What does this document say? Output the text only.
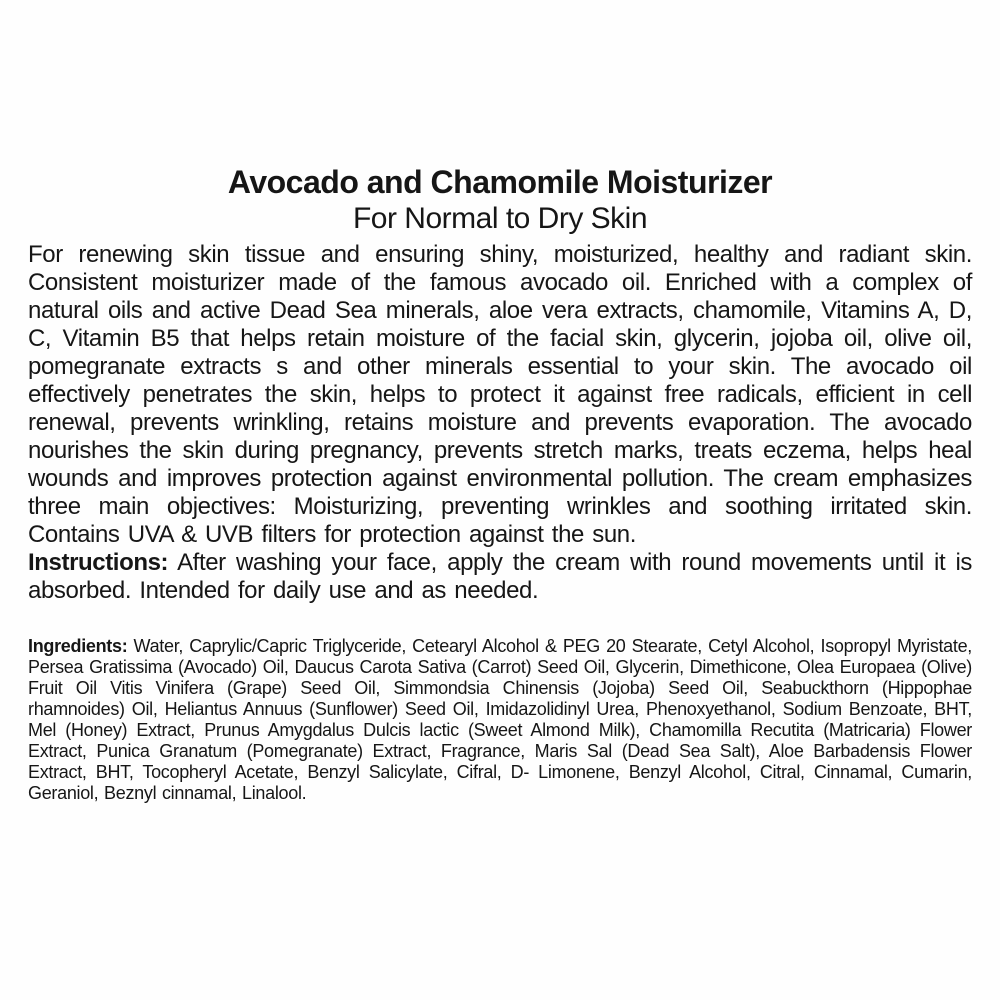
Avocado and Chamomile Moisturizer
For Normal to Dry Skin

For renewing skin tissue and ensuring shiny, moisturized, healthy and radiant skin. Consistent moisturizer made of the famous avocado oil. Enriched with a complex of natural oils and active Dead Sea minerals, aloe vera extracts, chamomile, Vitamins A, D, C, Vitamin B5 that helps retain moisture of the facial skin, glycerin, jojoba oil, olive oil, pomegranate extracts s and other minerals essential to your skin. The avocado oil effectively penetrates the skin, helps to protect it against free radicals, efficient in cell renewal, prevents wrinkling, retains moisture and prevents evaporation. The avocado nourishes the skin during pregnancy, prevents stretch marks, treats eczema, helps heal wounds and improves protection against environmental pollution. The cream emphasizes three main objectives: Moisturizing, preventing wrinkles and soothing irritated skin. Contains UVA & UVB filters for protection against the sun.

Instructions: After washing your face, apply the cream with round movements until it is absorbed. Intended for daily use and as needed.

Ingredients: Water, Caprylic/Capric Triglyceride, Cetearyl Alcohol & PEG 20 Stearate, Cetyl Alcohol, Isopropyl Myristate, Persea Gratissima (Avocado) Oil, Daucus Carota Sativa (Carrot) Seed Oil, Glycerin, Dimethicone, Olea Europaea (Olive) Fruit Oil Vitis Vinifera (Grape) Seed Oil, Simmondsia Chinensis (Jojoba) Seed Oil, Seabuckthorn (Hippophae rhamnoides) Oil, Heliantus Annuus (Sunflower) Seed Oil, Imidazolidinyl Urea, Phenoxyethanol, Sodium Benzoate, BHT, Mel (Honey) Extract, Prunus Amygdalus Dulcis lactic (Sweet Almond Milk), Chamomilla Recutita (Matricaria) Flower Extract, Punica Granatum (Pomegranate) Extract, Fragrance, Maris Sal (Dead Sea Salt), Aloe Barbadensis Flower Extract, BHT, Tocopheryl Acetate, Benzyl Salicylate, Cifral, D- Limonene, Benzyl Alcohol, Citral, Cinnamal, Cumarin, Geraniol, Beznyl cinnamal, Linalool.
